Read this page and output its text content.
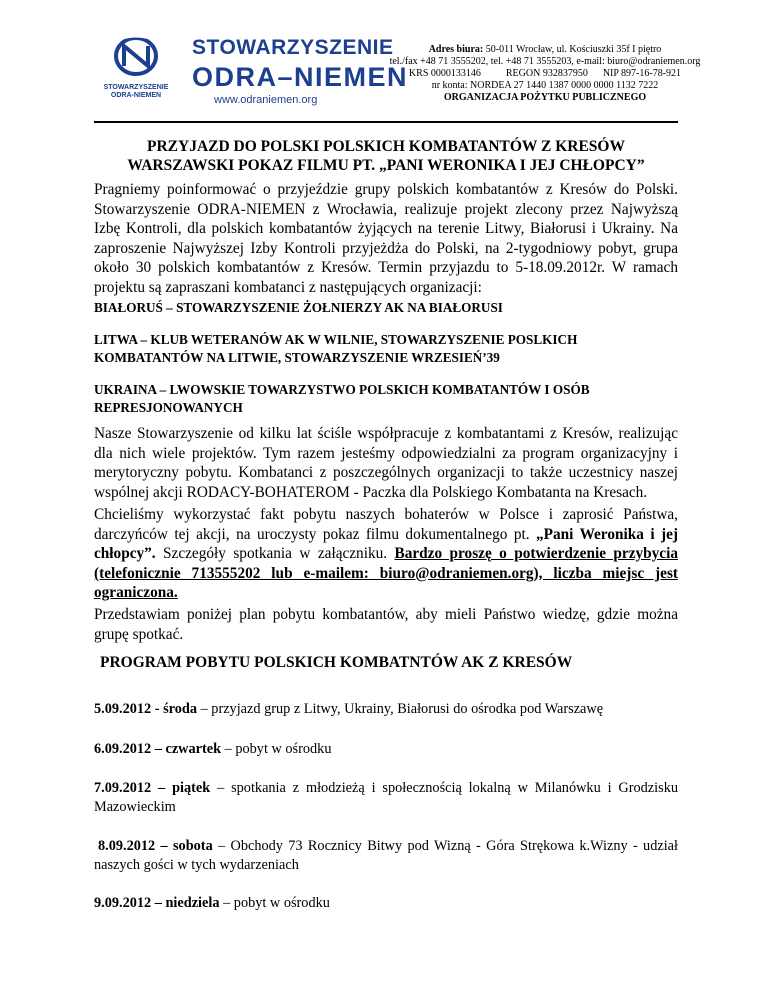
STOWARZYSZENIE ODRA-NIEMEN
STOWARZYSZENIE
ODRA–NIEMEN
www.odraniemen.org
Adres biura: 50-011 Wrocław, ul. Kościuszki 35f I piętro
tel./fax +48 71 3555202, tel. +48 71 3555203, e-mail: biuro@odraniemen.org
KRS 0000133146          REGON 932837950      NIP 897-16-78-921
nr konta: NORDEA 27 1440 1387 0000 0000 1132 7222
ORGANIZACJA POŻYTKU PUBLICZNEGO
PRZYJAZD DO POLSKI POLSKICH KOMBATANTÓW Z KRESÓW
WARSZAWSKI POKAZ FILMU PT. „PANI WERONIKA I JEJ CHŁOPCY”
Pragniemy poinformować o przyjeździe grupy polskich kombatantów z Kresów do Polski. Stowarzyszenie ODRA-NIEMEN z Wrocławia, realizuje projekt zlecony przez Najwyższą Izbę Kontroli, dla polskich kombatantów żyjących na terenie Litwy, Białorusi i Ukrainy. Na zaproszenie Najwyższej Izby Kontroli przyjeżdża do Polski, na 2-tygodniowy pobyt, grupa około 30 polskich kombatantów z Kresów. Termin przyjazdu to 5-18.09.2012r. W ramach projektu są zapraszani kombatanci z następujących organizacji:
BIAŁORUŚ – STOWARZYSZENIE ŻOŁNIERZY AK NA BIAŁORUSI
LITWA – KLUB WETERANÓW AK W WILNIE, STOWARZYSZENIE POSLKICH KOMBATANTÓW NA LITWIE, STOWARZYSZENIE WRZESIEŃ’39
UKRAINA – LWOWSKIE TOWARZYSTWO POLSKICH KOMBATANTÓW I OSÓB REPRESJONOWANYCH
Nasze Stowarzyszenie od kilku lat ściśle współpracuje z kombatantami z Kresów, realizując dla nich wiele projektów. Tym razem jesteśmy odpowiedzialni za program organizacyjny i merytoryczny pobytu. Kombatanci z poszczególnych organizacji to także uczestnicy naszej wspólnej akcji RODACY-BOHATEROM - Paczka dla Polskiego Kombatanta na Kresach.
Chcieliśmy wykorzystać fakt pobytu naszych bohaterów w Polsce i zaprosić Państwa, darczyńców tej akcji, na uroczysty pokaz filmu dokumentalnego pt. „Pani Weronika i jej chłopcy”. Szczegóły spotkania w załączniku. Bardzo proszę o potwierdzenie przybycia (telefonicznie 713555202 lub e-mailem: biuro@odraniemen.org), liczba miejsc jest ograniczona.
Przedstawiam poniżej plan pobytu kombatantów, aby mieli Państwo wiedzę, gdzie można grupę spotkać.
PROGRAM POBYTU POLSKICH KOMBATNTÓW AK Z KRESÓW
5.09.2012 - środa – przyjazd grup z Litwy, Ukrainy, Białorusi do ośrodka pod Warszawę
6.09.2012 – czwartek – pobyt w ośrodku
7.09.2012 – piątek – spotkania z młodzieżą i społecznością lokalną w Milanówku i Grodzisku Mazowieckim
8.09.2012 – sobota – Obchody 73 Rocznicy Bitwy pod Wizną - Góra Strękowa k.Wizny - udział naszych gości w tych wydarzeniach
9.09.2012 – niedziela – pobyt w ośrodku
